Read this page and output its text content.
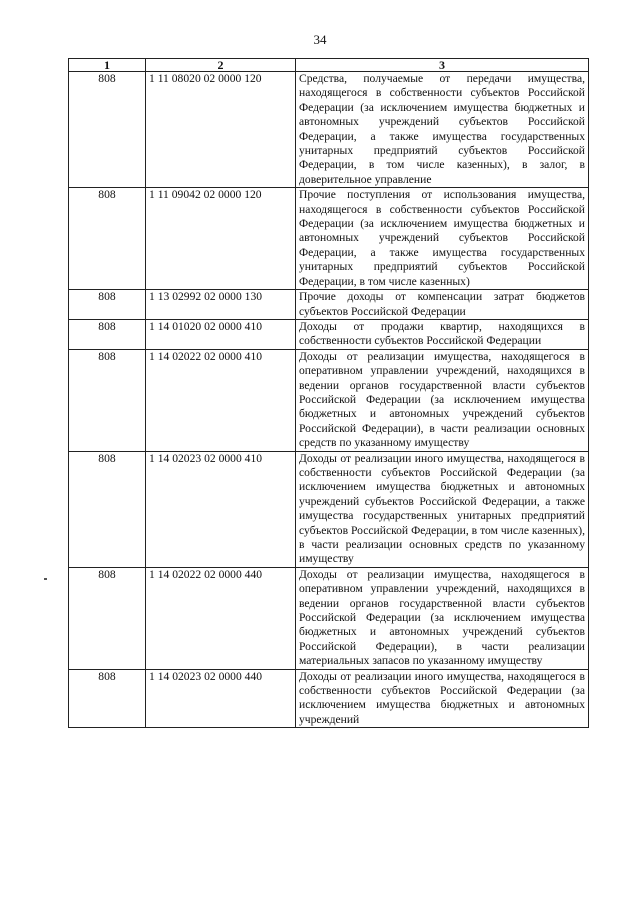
34
1	2	3
808	1 11 08020 02 0000 120	Средства, получаемые от передачи имущества, находящегося в собственности субъектов Российской Федерации (за исключением имущества бюджетных и автономных учреждений субъектов Российской Федерации, а также имущества государственных унитарных предприятий субъектов Российской Федерации, в том числе казенных), в залог, в доверительное управление
808	1 11 09042 02 0000 120	Прочие поступления от использования имущества, находящегося в собственности субъектов Российской Федерации (за исключением имущества бюджетных и автономных учреждений субъектов Российской Федерации, а также имущества государственных унитарных предприятий субъектов Российской Федерации, в том числе казенных)
808	1 13 02992 02 0000 130	Прочие доходы от компенсации затрат бюджетов субъектов Российской Федерации
808	1 14 01020 02 0000 410	Доходы от продажи квартир, находящихся в собственности субъектов Российской Федерации
808	1 14 02022 02 0000 410	Доходы от реализации имущества, находящегося в оперативном управлении учреждений, находящихся в ведении органов государственной власти субъектов Российской Федерации (за исключением имущества бюджетных и автономных учреждений субъектов Российской Федерации), в части реализации основных средств по указанному имуществу
808	1 14 02023 02 0000 410	Доходы от реализации иного имущества, находящегося в собственности субъектов Российской Федерации (за исключением имущества бюджетных и автономных учреждений субъектов Российской Федерации, а также имущества государственных унитарных предприятий субъектов Российской Федерации, в том числе казенных), в части реализации основных средств по указанному имуществу
808	1 14 02022 02 0000 440	Доходы от реализации имущества, находящегося в оперативном управлении учреждений, находящихся в ведении органов государственной власти субъектов Российской Федерации (за исключением имущества бюджетных и автономных учреждений субъектов Российской Федерации), в части реализации материальных запасов по указанному имуществу
808	1 14 02023 02 0000 440	Доходы от реализации иного имущества, находящегося в собственности субъектов Российской Федерации (за исключением имущества бюджетных и автономных учреждений
